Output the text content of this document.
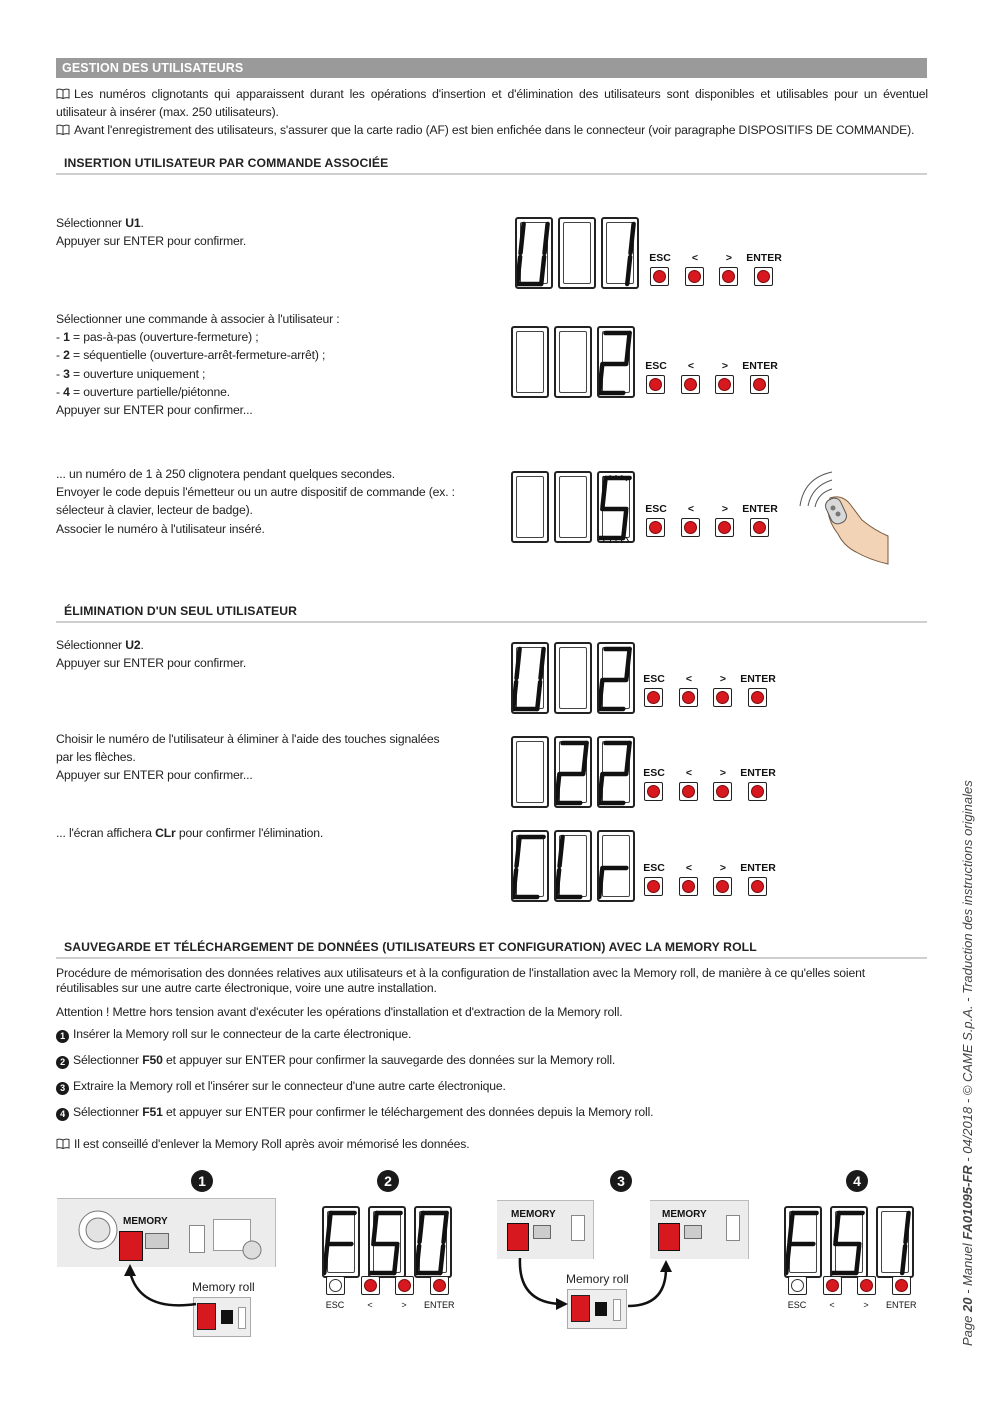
GESTION DES UTILISATEURS
Les numéros clignotants qui apparaissent durant les opérations d'insertion et d'élimination des utilisateurs sont disponibles et utilisables pour un éventuel utilisateur à insérer (max. 250 utilisateurs).
Avant l'enregistrement des utilisateurs, s'assurer que la carte radio (AF) est bien enfichée dans le connecteur (voir paragraphe DISPOSITIFS DE COMMANDE).
INSERTION UTILISATEUR PAR COMMANDE ASSOCIÉE
Sélectionner U1.
Appuyer sur ENTER pour confirmer.
Sélectionner une commande à associer à l'utilisateur :
- 1 = pas-à-pas (ouverture-fermeture) ;
- 2 = séquentielle (ouverture-arrêt-fermeture-arrêt) ;
- 3 = ouverture uniquement ;
- 4 = ouverture partielle/piétonne.
Appuyer sur ENTER pour confirmer...
... un numéro de 1 à 250 clignotera pendant quelques secondes.
Envoyer le code depuis l'émetteur ou un autre dispositif de commande (ex. :
sélecteur à clavier, lecteur de badge).
Associer le numéro à l'utilisateur inséré.
ÉLIMINATION D'UN SEUL UTILISATEUR
Sélectionner U2.
Appuyer sur ENTER pour confirmer.
Choisir le numéro de l'utilisateur à éliminer à l'aide des touches signalées
par les flèches.
Appuyer sur ENTER pour confirmer...
... l'écran affichera CLr pour confirmer l'élimination.
SAUVEGARDE ET TÉLÉCHARGEMENT DE DONNÉES (UTILISATEURS ET CONFIGURATION) AVEC LA MEMORY ROLL
Procédure de mémorisation des données relatives aux utilisateurs et à la configuration de l'installation avec la Memory roll, de manière à ce qu'elles soient
réutilisables sur une autre carte électronique, voire une autre installation.
Attention ! Mettre hors tension avant d'exécuter les opérations d'installation et d'extraction de la Memory roll.
1 Insérer la Memory roll sur le connecteur de la carte électronique.
2 Sélectionner F50 et appuyer sur ENTER pour confirmer la sauvegarde des données sur la Memory roll.
3 Extraire la Memory roll et l'insérer sur le connecteur d'une autre carte électronique.
4 Sélectionner F51 et appuyer sur ENTER pour confirmer le téléchargement des données depuis la Memory roll.
Il est conseillé d'enlever la Memory Roll après avoir mémorisé les données.
1	2	3	4
MEMORY
Memory roll
MEMORY
Memory roll
MEMORY
Page 20 - Manuel FA01095-FR - 04/2018 - © CAME S.p.A. - Traduction des instructions originales
ESC	<	>	ENTER
ESC	<	>	ENTER
ESC	<	>	ENTER
ESC	<	>	ENTER
ESC	<	>	ENTER
ESC	<	>	ENTER
ESC	<	>	ENTER	ESC	<	>	ENTER
